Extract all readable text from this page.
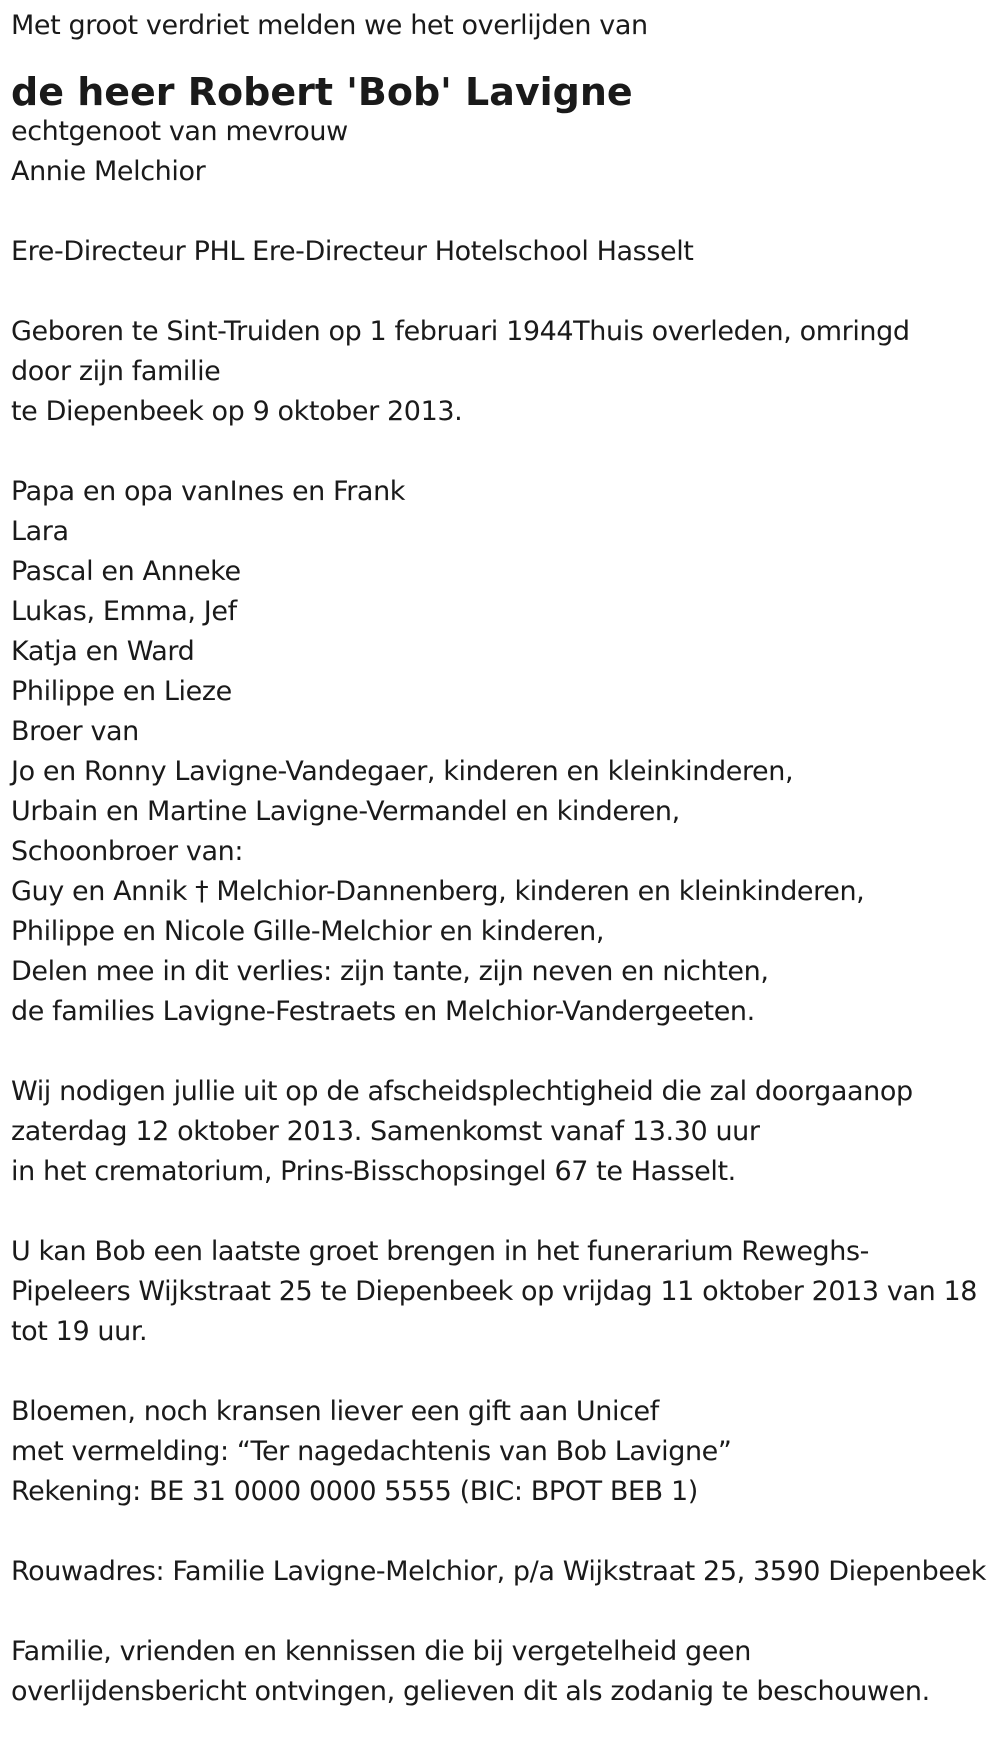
Met groot verdriet melden we het overlijden van
de heer Robert 'Bob' Lavigne
echtgenoot van mevrouw
Annie Melchior
Ere-Directeur PHL Ere-Directeur Hotelschool Hasselt
Geboren te Sint-Truiden op 1 februari 1944Thuis overleden, omringd
door zijn familie
te Diepenbeek op 9 oktober 2013.
Papa en opa vanInes en Frank
Lara
Pascal en Anneke
Lukas, Emma, Jef
Katja en Ward
Philippe en Lieze
Broer van
Jo en Ronny Lavigne-Vandegaer, kinderen en kleinkinderen,
Urbain en Martine Lavigne-Vermandel en kinderen,
Schoonbroer van:
Guy en Annik † Melchior-Dannenberg, kinderen en kleinkinderen,
Philippe en Nicole Gille-Melchior en kinderen,
Delen mee in dit verlies: zijn tante, zijn neven en nichten,
de families Lavigne-Festraets en Melchior-Vandergeeten.
Wij nodigen jullie uit op de afscheidsplechtigheid die zal doorgaanop
zaterdag 12 oktober 2013. Samenkomst vanaf 13.30 uur
in het crematorium, Prins-Bisschopsingel 67 te Hasselt.
U kan Bob een laatste groet brengen in het funerarium Reweghs-
Pipeleers Wijkstraat 25 te Diepenbeek op vrijdag 11 oktober 2013 van 18
tot 19 uur.
Bloemen, noch kransen liever een gift aan Unicef
met vermelding: “Ter nagedachtenis van Bob Lavigne”
Rekening: BE 31 0000 0000 5555 (BIC: BPOT BEB 1)
Rouwadres: Familie Lavigne-Melchior, p/a Wijkstraat 25, 3590 Diepenbeek
Familie, vrienden en kennissen die bij vergetelheid geen
overlijdensbericht ontvingen, gelieven dit als zodanig te beschouwen.
